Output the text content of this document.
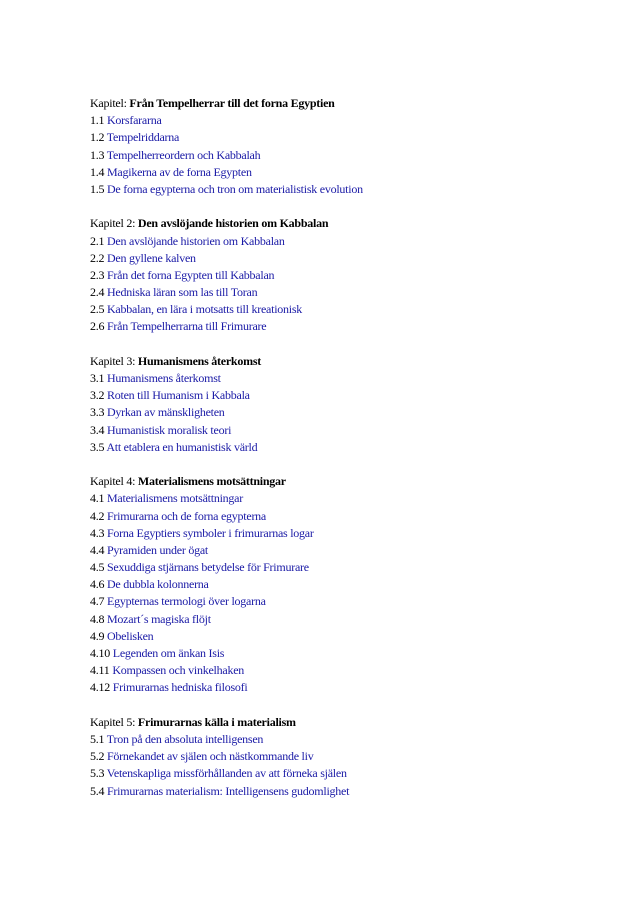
Kapitel: Från Tempelherrar till det forna Egyptien
1.1 Korsfararna
1.2 Tempelriddarna
1.3 Tempelherreordern och Kabbalah
1.4 Magikerna av de forna Egypten
1.5 De forna egypterna och tron om materialistisk evolution
Kapitel 2: Den avslöjande historien om Kabbalan
2.1 Den avslöjande historien om Kabbalan
2.2 Den gyllene kalven
2.3 Från det forna Egypten till Kabbalan
2.4 Hedniska läran som las till Toran
2.5 Kabbalan, en lära i motsatts till kreationisk
2.6 Från Tempelherrarna till Frimurare
Kapitel 3: Humanismens återkomst
3.1 Humanismens återkomst
3.2 Roten till Humanism i Kabbala
3.3 Dyrkan av mänskligheten
3.4 Humanistisk moralisk teori
3.5 Att etablera en humanistisk värld
Kapitel 4: Materialismens motsättningar
4.1 Materialismens motsättningar
4.2 Frimurarna och de forna egypterna
4.3 Forna Egyptiers symboler i frimurarnas logar
4.4 Pyramiden under ögat
4.5 Sexuddiga stjärnans betydelse för Frimurare
4.6 De dubbla kolonnerna
4.7 Egypternas termologi över logarna
4.8 Mozart´s magiska flöjt
4.9 Obelisken
4.10 Legenden om änkan Isis
4.11 Kompassen och vinkelhaken
4.12 Frimurarnas hedniska filosofi
Kapitel 5: Frimurarnas källa i materialism
5.1 Tron på den absoluta intelligensen
5.2 Förnekandet av själen och nästkommande liv
5.3 Vetenskapliga missförhållanden av att förneka själen
5.4 Frimurarnas materialism: Intelligensens gudomlighet
